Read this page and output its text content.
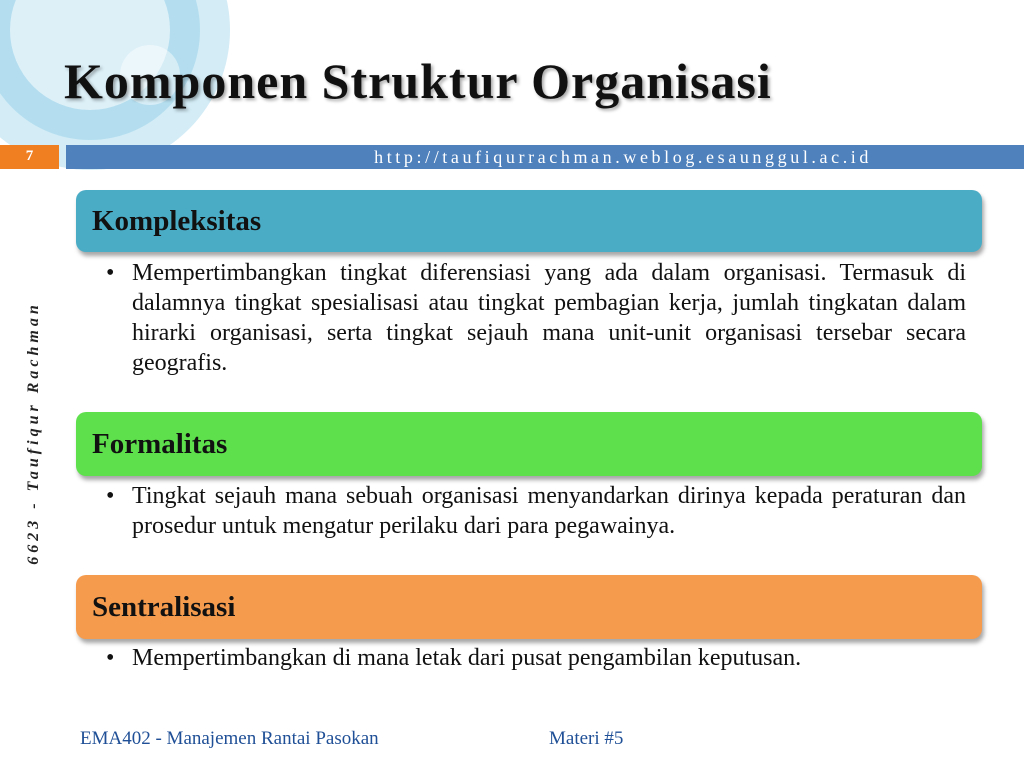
Komponen Struktur Organisasi
7	http://taufiqurrachman.weblog.esaunggul.ac.id
6623 - Taufiqur Rachman
Kompleksitas
• Mempertimbangkan tingkat diferensiasi yang ada dalam organisasi. Termasuk di dalamnya tingkat spesialisasi atau tingkat pembagian kerja, jumlah tingkatan dalam hirarki organisasi, serta tingkat sejauh mana unit-unit organisasi tersebar secara geografis.
Formalitas
• Tingkat sejauh mana sebuah organisasi menyandarkan dirinya kepada peraturan dan prosedur untuk mengatur perilaku dari para pegawainya.
Sentralisasi
• Mempertimbangkan di mana letak dari pusat pengambilan keputusan.
EMA402 - Manajemen Rantai Pasokan	Materi #5
